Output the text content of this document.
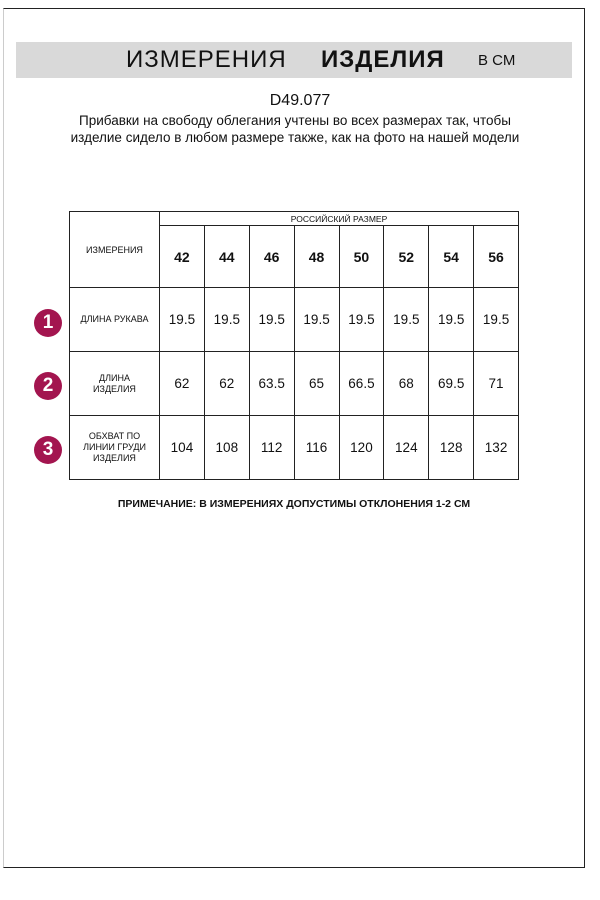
ИЗМЕРЕНИЯ ИЗДЕЛИЯ В СМ
D49.077
Прибавки на свободу облегания учтены во всех размерах так, чтобы изделие сидело в любом размере также, как на фото на нашей модели
ИЗМЕРЕНИЯ	РОССИЙСКИЙ РАЗМЕР							
	42	44	46	48	50	52	54	56
ДЛИНА РУКАВА	19.5	19.5	19.5	19.5	19.5	19.5	19.5	19.5
ДЛИНА
ИЗДЕЛИЯ	62	62	63.5	65	66.5	68	69.5	71
ОБХВАТ ПО
ЛИНИИ ГРУДИ
ИЗДЕЛИЯ	104	108	112	116	120	124	128	132
1
2
3
ПРИМЕЧАНИЕ: В ИЗМЕРЕНИЯХ ДОПУСТИМЫ ОТКЛОНЕНИЯ 1-2 СМ
